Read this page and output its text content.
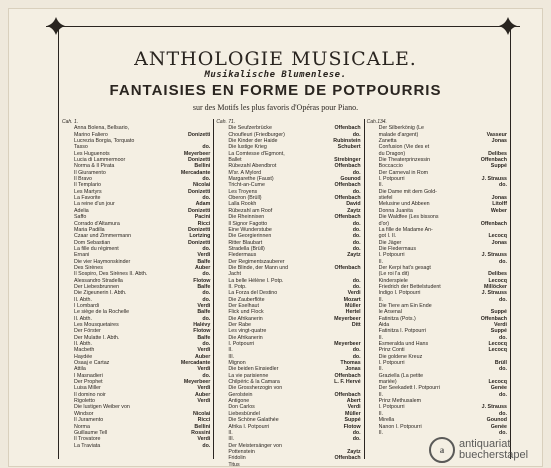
ANTHOLOGIE MUSICALE.
Musikalische Blumenlese.
FANTAISIES EN FORME DE POTPOURRIS
sur des Motifs les plus favoris d'Opéras pour Piano.
Cah. 1.
Anna Bolena, Bellsario,
Marino Faliero	Donizetti
Lucrezia Borgia, Torquato
Tasso	do.
Les Huguenots	Meyerbeer
Lucia di Lammermoor	Donizetti
Norma & Il Pirata	Bellini
Il Giuramento	Mercadante
Il Bravo	do.
Il Templario	Nicolai
Les Martyrs	Donizetti
La Favorite	do.
La reine d'un jour	Adam
Adelia	Donizetti
Saffo	Pacini
Corrado d'Altamura	Ricci
Maria Padilla	Donizetti
Czaar und Zimmermann	Lortzing
Dom Sebastian	Donizetti
La fille du régiment	do.
Ernani	Verdi
Die vier Haymonskinder	Balfe
Des Sirènes	Auber
Il Sospiro, Des Sirènes II. Abth.	do.
Alessandro Stradella	Flotow
Der Liebesbrunnen	Balfe
Die Zigeunerin I. Abth.	do.
II. Abth.	do.
I Lombardi	Verdi
Le siège de la Rochelle	Balfe
II. Abth.	do.
Les Mousquetaires	Halévy
Der Förster	Flotow
Der Mulatte I. Abth.	Balfe
II. Abth.	do.
Macbeth	Verdi
Haydée	Auber
Osaaj e Cartaz	Mercadante
Attila	Verdi
I Masnadieri	do.
Der Prophet	Meyerbeer
Luisa Miller	Verdi
Il domino noir	Auber
Rigoletto	Verdi
Die lustigen Weiber von
Windsor	Nicolai
Il Juramento	Ricci
Norma	Bellini
Guillaume Tell	Rossini
Il Trovatore	Verdi
La Traviata	do.
Cah. 71.
Die Seufzerbrücke	Offenbach
Choufleuri (Friedburger)	do.
Die Kinder der Haide	Rubinstein
Die lustige Krieg	Schubert
La Comtesse d'Egmont,
Ballet	Strebinger
Rübezahl Abendbrot	Offenbach
M'sr. A Mylord	do.
Margarethe (Faust)	Gounod
Tricht-an-Cume	Offenbach
Les Troyens	do.
Oberon (Brüll)	Offenbach
Lalla Rookh	David
Rübezahl am Roof	Zaytz
Die Rheinnixen	Offenbach
Il Signor Fagotto	do.
Eine Wunderstube	do.
Die Georgierinnen	do.
Ritter Blaubart	do.
Stradella (Brüll)	do.
Fledermaus	Zaytz
Der Regimentszauberer
Die Blinde, der Mann und	Offenbach
Jacht
La belle Hélène I. Potp.	do.
II. Potp.	do.
La Forza del Destino	Verdi
Die Zauberflöte	Mozart
Der Eselhaut	Müller
Flick und Flock	Hertel
Die Afrikanerin	Meyerbeer
Der Rabe	Ditt
Les vingt-quatre
Die Afrikanerin
I. Potpourri	Meyerbeer
II.	do.
III.	do.
Mignon	Thomas
Die beiden Einsiedler	Jonas
La vie parisienne	Offenbach
Chilpéric & la Camara	L. F. Hervé
Die Grossherzogin von
Gerolstein	Offenbach
Antigone	Abert
Don Carlos	Verdi
Liebesbündel	Müller
Die Schöne Galathée	Suppé
Afrika I. Potpourri	Flotow
II.	do.
III.	do.
Der Meistersänger von
Pottenstein	Zaytz
Fridolin	Offenbach
Titus
Cah.134.
Der Silberkönig (Le
malade d'argent)	Vasseur
Zanetta	Jonas
Confusion (Vie des et
du Dragon)	Delibes
Die Theaterprinzessin	Offenbach
Boccaccio	Suppé
Der Carneval in Rom
I. Potpourri	J. Strauss
II.	do.
Die Dame mit dem Gold-
stiefel	Jonas
Melusine und Abbeen	Litolff
Donna Juanita	Weber
Die Waldfee (Les bissons
d'or)	Offenbach
La fille de Madame An-
got I. II.	Lecocq
Die Jäger	Jonas
Die Fledermaus
I. Potpourri	J. Strauss
II.	do.
Der Kerpi hat's gesagt
(Le roi l'a dit)	Delibes
Kinderspiele	Lecocq
Friedrich der Bettelstudent	Millöcker
Indigo I. Potpourri	J. Strauss
II.	do.
Die Tiere am Ein Ende
le Arsenal	Suppé
Fatinitza (Pots.)	Offenbach
Aida	Verdi
Fatinitza I. Potpourri	Suppé
II.	do.
Esmeralda und Hans	Lecocq
Prinz Conti	Lecocq
Die goldene Kreuz
I. Potpourri	Brüll
II.	do.
Graziella (La petite
mariée)	Lecocq
Der Seekadett I. Potpourri	Genée
II.	do.
Prinz Methusalem
I. Potpourri	J. Strauss
II.	do.
Mirella	Gounod
Nanon I. Potpourri	Genée
II.	do.
a	antiquariat
buecherstapel
